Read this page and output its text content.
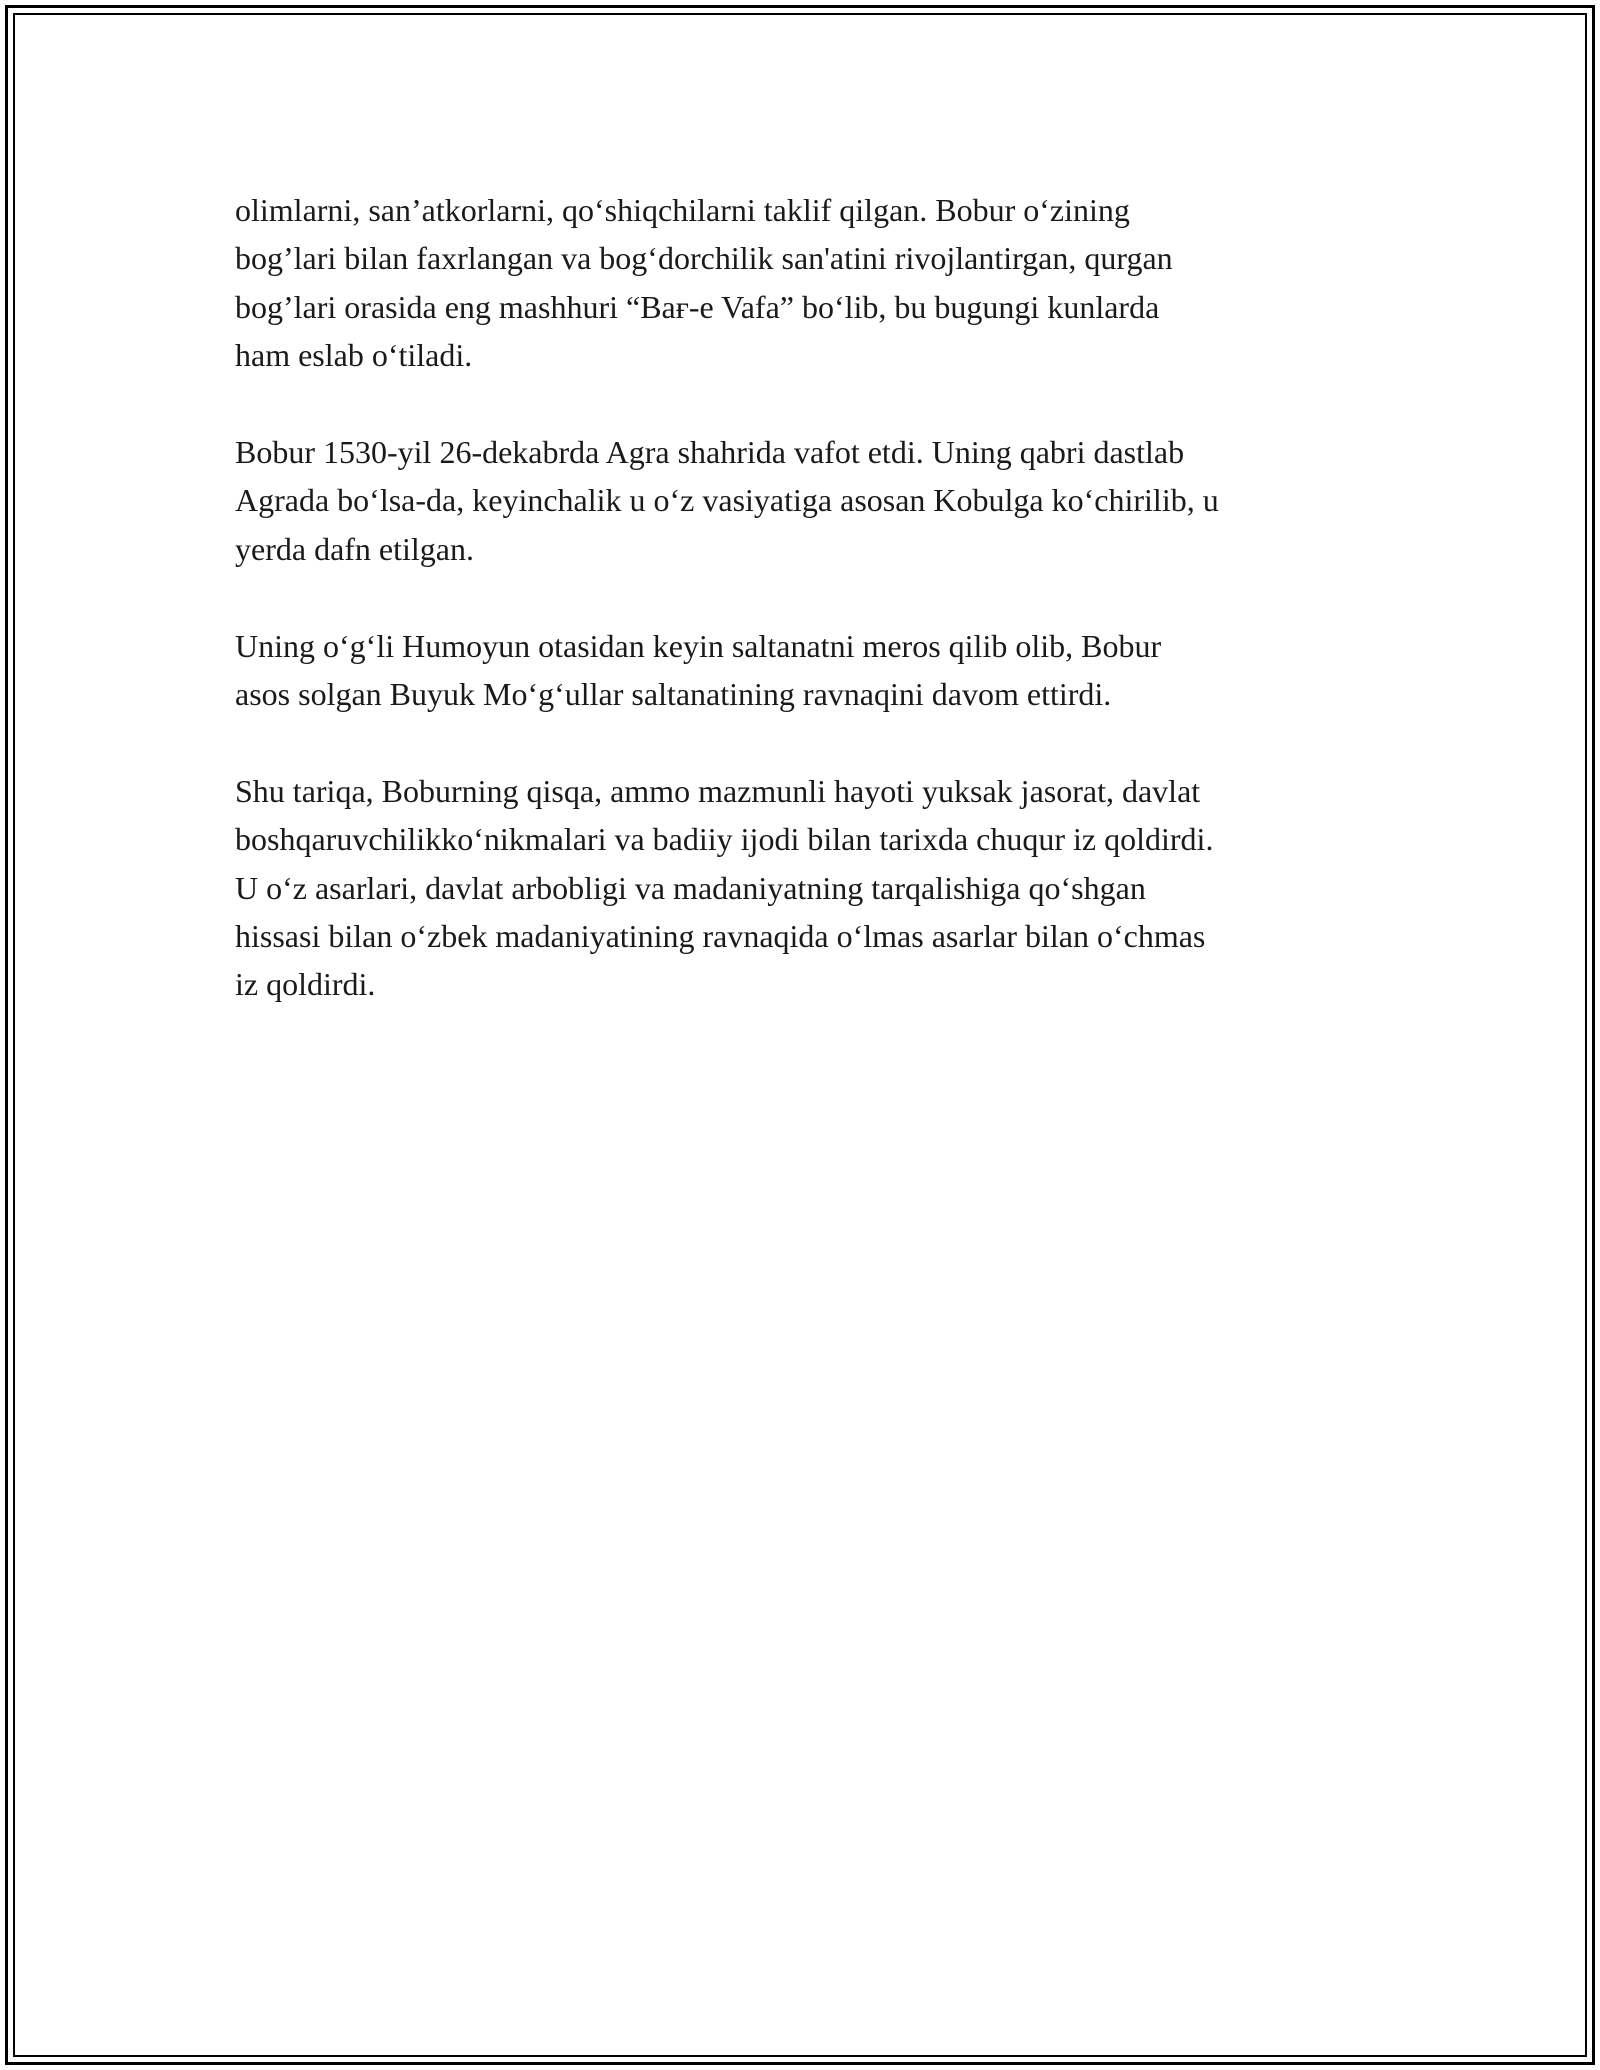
olimlarni, san’atkorlarni, qo‘shiqchilarni taklif qilgan. Bobur o‘zining
bog’lari bilan faxrlangan va bog‘dorchilik san'atini rivojlantirgan, qurgan
bog’lari orasida eng mashhuri “Baғ-e Vafa” bo‘lib, bu bugungi kunlarda
ham eslab o‘tiladi.

Bobur 1530-yil 26-dekabrda Agra shahrida vafot etdi. Uning qabri dastlab
Agrada bo‘lsa-da, keyinchalik u o‘z vasiyatiga asosan Kobulga ko‘chirilib, u
yerda dafn etilgan.

Uning o‘g‘li Humoyun otasidan keyin saltanatni meros qilib olib, Bobur
asos solgan Buyuk Mo‘g‘ullar saltanatining ravnaqini davom ettirdi.

Shu tariqa, Boburning qisqa, ammo mazmunli hayoti yuksak jasorat, davlat
boshqaruvchilikko‘nikmalari va badiiy ijodi bilan tarixda chuqur iz qoldirdi.
U o‘z asarlari, davlat arbobligi va madaniyatning tarqalishiga qo‘shgan
hissasi bilan o‘zbek madaniyatining ravnaqida o‘lmas asarlar bilan o‘chmas
iz qoldirdi.
